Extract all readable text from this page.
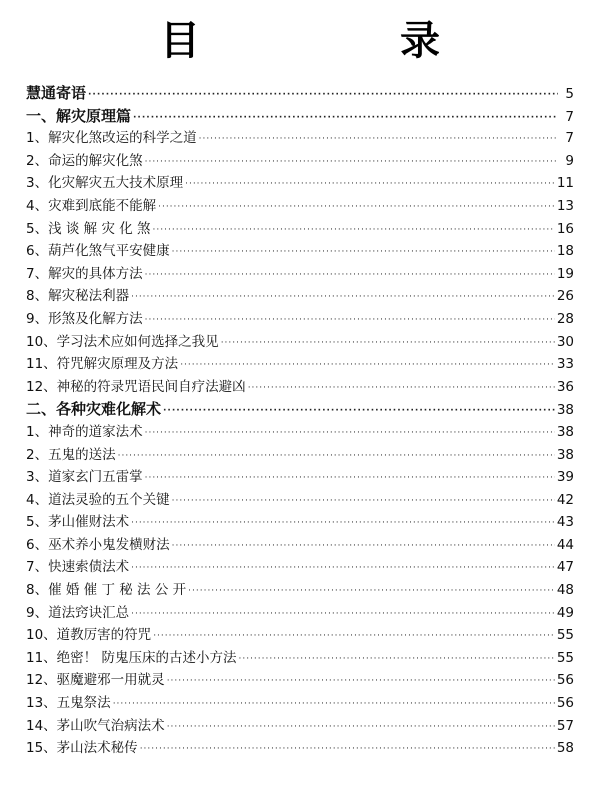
目　录
慧通寄语 ·····	5
一、解灾原理篇 ·····	7
1、解灾化煞改运的科学之道 ·····	7
2、命运的解灾化煞 ·····	9
3、化灾解灾五大技术原理 ·····	11
4、灾难到底能不能解 ·····	13
5、浅 谈 解 灾 化 煞 ·····	16
6、葫芦化煞气平安健康 ·····	18
7、解灾的具体方法 ·····	19
8、解灾秘法利器 ·····	26
9、形煞及化解方法 ·····	28
10、学习法术应如何选择之我见 ·····	30
11、符咒解灾原理及方法 ·····	33
12、神秘的符录咒语民间自疗法避凶 ·····	36
二、各种灾难化解术 ·····	38
1、神奇的道家法术 ·····	38
2、五鬼的送法 ·····	38
3、道家玄门五雷掌 ·····	39
4、道法灵验的五个关键 ·····	42
5、茅山催财法术 ·····	43
6、巫术养小鬼发横财法 ·····	44
7、快速索债法术 ·····	47
8、催 婚 催 丁 秘 法 公 开 ·····	48
9、道法窍诀汇总 ·····	49
10、道教厉害的符咒 ·····	55
11、绝密！ 防鬼压床的古述小方法 ·····	55
12、驱魔避邪一用就灵 ·····	56
13、五鬼祭法 ·····	56
14、茅山吹气治病法术 ·····	57
15、茅山法术秘传 ·····	58
